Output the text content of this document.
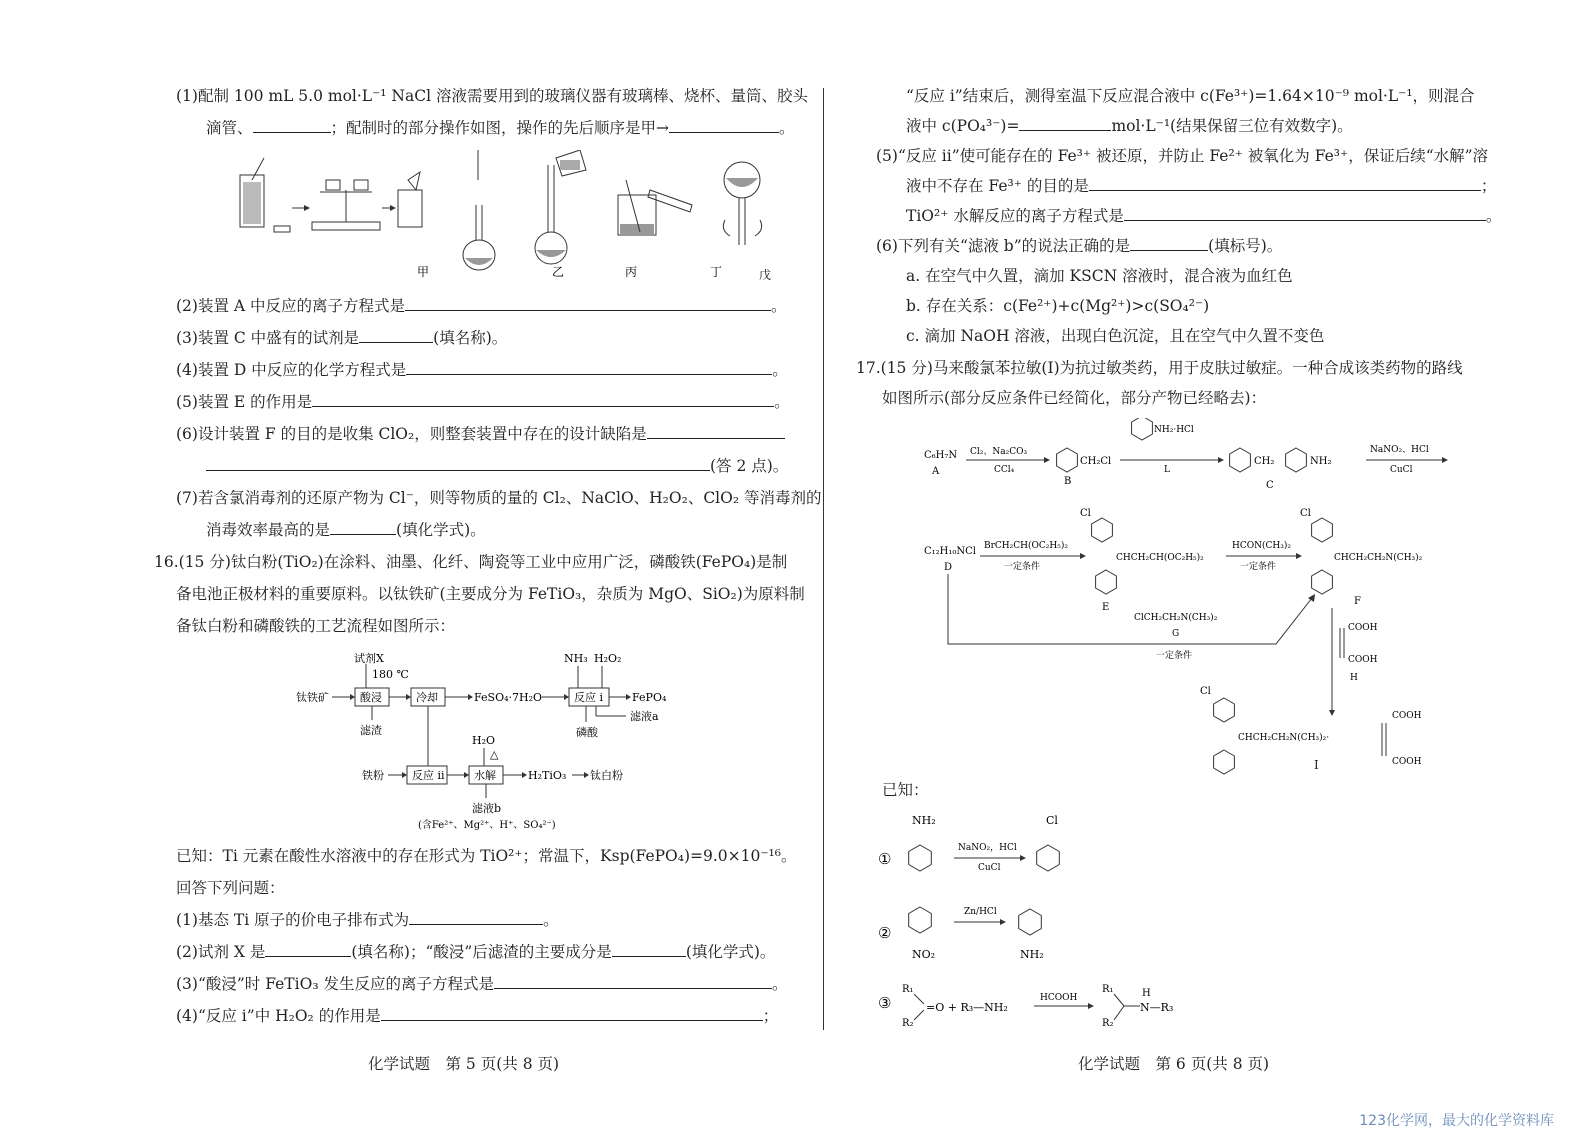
(1)配制 100 mL 5.0 mol·L⁻¹ NaCl 溶液需要用到的玻璃仪器有玻璃棒、烧杯、量筒、胶头
滴管、	；配制时的部分操作如图，操作的先后顺序是甲→	。
甲	乙	丙	丁	戊
(2)装置 A 中反应的离子方程式是	。
(3)装置 C 中盛有的试剂是	(填名称)。
(4)装置 D 中反应的化学方程式是	。
(5)装置 E 的作用是	。
(6)设计装置 F 的目的是收集 ClO₂，则整套装置中存在的设计缺陷是
(答 2 点)。
(7)若含氯消毒剂的还原产物为 Cl⁻，则等物质的量的 Cl₂、NaClO、H₂O₂、ClO₂ 等消毒剂的
消毒效率最高的是	(填化学式)。
16.(15 分)钛白粉(TiO₂)在涂料、油墨、化纤、陶瓷等工业中应用广泛，磷酸铁(FePO₄)是制
备电池正极材料的重要原料。以钛铁矿(主要成分为 FeTiO₃，杂质为 MgO、SiO₂)为原料制
备钛白粉和磷酸铁的工艺流程如图所示：
试剂X
180 ℃
钛铁矿	酸浸
滤渣
冷却	FeSO₄·7H₂O
NH₃ H₂O₂
反应 i	FePO₄
滤液a
磷酸
铁粉	反应 ii
H₂O
△
水解	H₂TiO₃ 钛白粉
滤液b
(含Fe²⁺、Mg²⁺、H⁺、SO₄²⁻)
已知：Ti 元素在酸性水溶液中的存在形式为 TiO²⁺；常温下，Ksp(FePO₄)=9.0×10⁻¹⁶。
回答下列问题：
(1)基态 Ti 原子的价电子排布式为	。
(2)试剂 X 是	(填名称)；“酸浸”后滤渣的主要成分是	(填化学式)。
(3)“酸浸”时 FeTiO₃ 发生反应的离子方程式是	。
(4)“反应 i”中 H₂O₂ 的作用是	；
“反应 i”结束后，测得室温下反应混合液中 c(Fe³⁺)=1.64×10⁻⁹ mol·L⁻¹，则混合
液中 c(PO₄³⁻)=	mol·L⁻¹(结果保留三位有效数字)。
(5)“反应 ii”使可能存在的 Fe³⁺ 被还原，并防止 Fe²⁺ 被氧化为 Fe³⁺，保证后续“水解”溶
液中不存在 Fe³⁺ 的目的是	；
TiO²⁺ 水解反应的离子方程式是	。
(6)下列有关“滤液 b”的说法正确的是	(填标号)。
a. 在空气中久置，滴加 KSCN 溶液时，混合液为血红色
b. 存在关系：c(Fe²⁺)+c(Mg²⁺)>c(SO₄²⁻)
c. 滴加 NaOH 溶液，出现白色沉淀，且在空气中久置不变色
17.(15 分)马来酸氯苯拉敏(I)为抗过敏类药，用于皮肤过敏症。一种合成该类药物的路线
如图所示(部分反应条件已经简化，部分产物已经略去)：
C₆H₇N
A
Cl₂、Na₂CO₃
CCl₄
CH₂Cl
B
NH₂·HCl
L
CH₂	NH₂
C
NaNO₂、HCl
CuCl
C₁₂H₁₀NCl
D
BrCH₂CH(OC₂H₅)₂
一定条件
Cl
CHCH₂CH(OC₂H₅)₂
E
HCON(CH₃)₂
一定条件
Cl
CHCH₂CH₂N(CH₃)₂
F
ClCH₂CH₂N(CH₃)₂
G
一定条件
COOH
COOH
H
Cl
CHCH₂CH₂N(CH₃)₂·
COOH
COOH
I
已知：
①
NH₂
NaNO₂，HCl
CuCl
Cl
②
NO₂
Zn/HCl
NH₂
③
R₁
R₂
=O + R₃—NH₂
HCOOH
R₁
R₂
H
N—R₃
化学试题　第 5 页(共 8 页)	化学试题　第 6 页(共 8 页)
123化学网，最大的化学资料库
